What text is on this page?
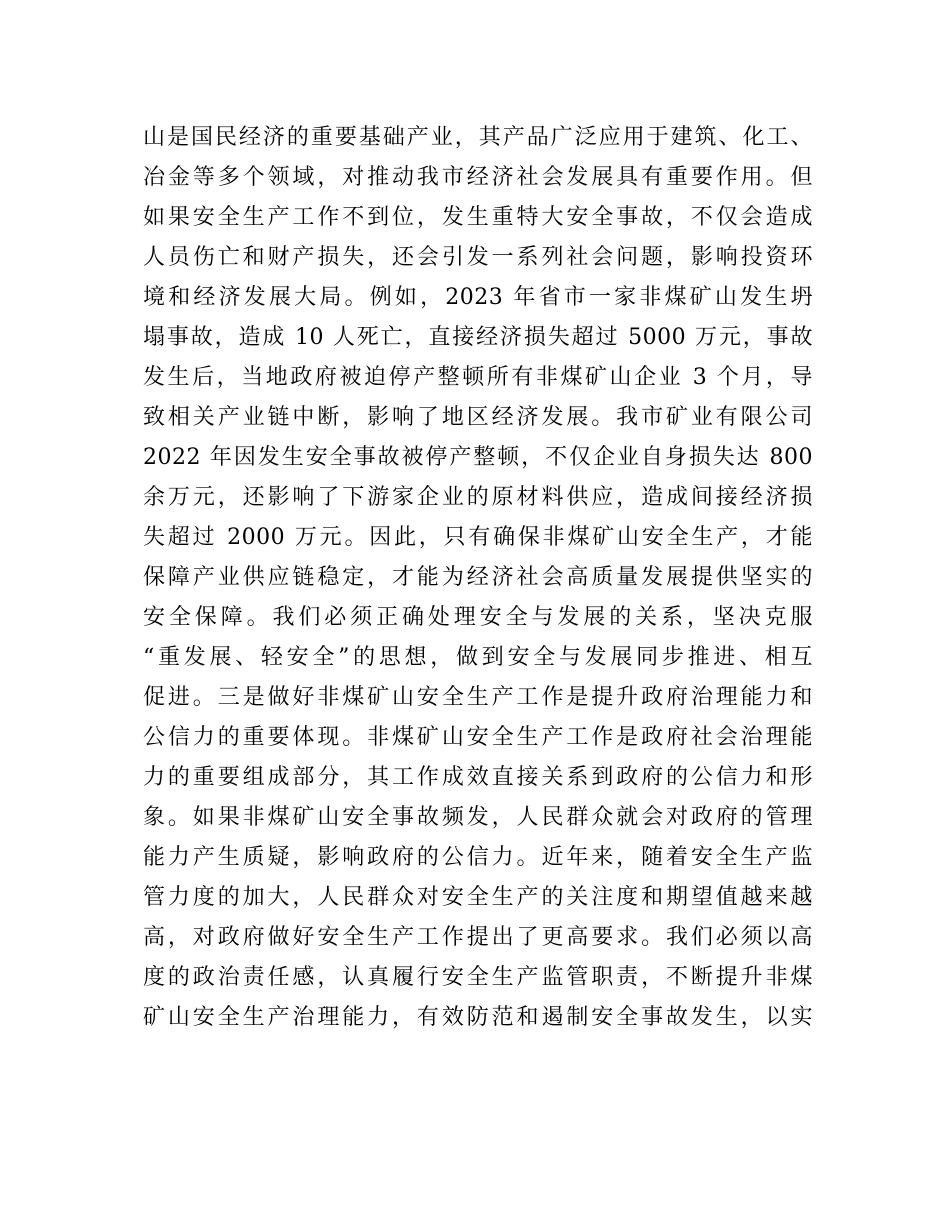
山是国民经济的重要基础产业，其产品广泛应用于建筑、化工、
冶金等多个领域，对推动我市经济社会发展具有重要作用。但
如果安全生产工作不到位，发生重特大安全事故，不仅会造成
人员伤亡和财产损失，还会引发一系列社会问题，影响投资环
境和经济发展大局。例如，2023 年省市一家非煤矿山发生坍
塌事故，造成 10 人死亡，直接经济损失超过 5000 万元，事故
发生后，当地政府被迫停产整顿所有非煤矿山企业 3 个月，导
致相关产业链中断，影响了地区经济发展。我市矿业有限公司
2022 年因发生安全事故被停产整顿，不仅企业自身损失达 800
余万元，还影响了下游家企业的原材料供应，造成间接经济损
失超过 2000 万元。因此，只有确保非煤矿山安全生产，才能
保障产业供应链稳定，才能为经济社会高质量发展提供坚实的
安全保障。我们必须正确处理安全与发展的关系，坚决克服
“重发展、轻安全”的思想，做到安全与发展同步推进、相互
促进。三是做好非煤矿山安全生产工作是提升政府治理能力和
公信力的重要体现。非煤矿山安全生产工作是政府社会治理能
力的重要组成部分，其工作成效直接关系到政府的公信力和形
象。如果非煤矿山安全事故频发，人民群众就会对政府的管理
能力产生质疑，影响政府的公信力。近年来，随着安全生产监
管力度的加大，人民群众对安全生产的关注度和期望值越来越
高，对政府做好安全生产工作提出了更高要求。我们必须以高
度的政治责任感，认真履行安全生产监管职责，不断提升非煤
矿山安全生产治理能力，有效防范和遏制安全事故发生，以实
